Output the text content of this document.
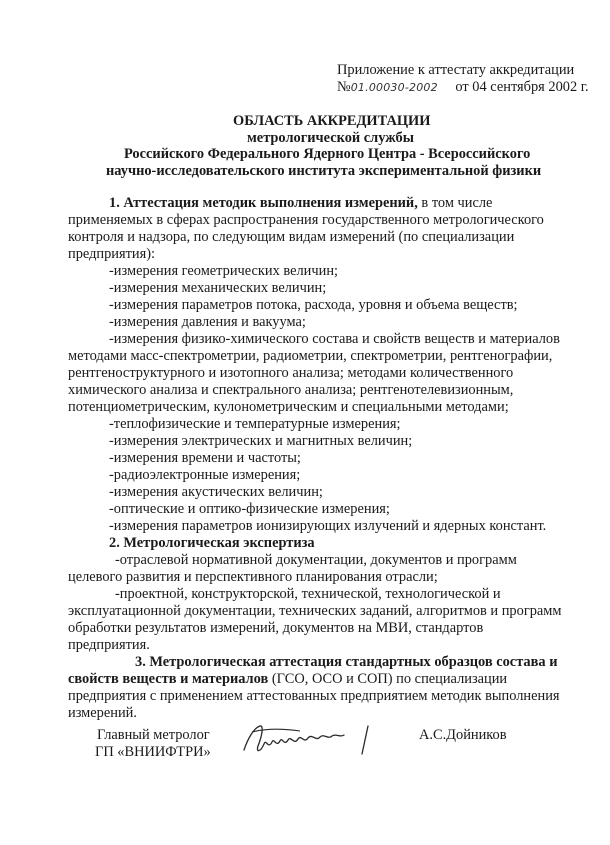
Приложение к аттестату аккредитации
№01.00030-2002 от 04 сентября 2002 г.
ОБЛАСТЬ АККРЕДИТАЦИИ
метрологической службы
Российского Федерального Ядерного Центра - Всероссийского
научно-исследовательского института экспериментальной физики
1. Аттестация методик выполнения измерений, в том числе
применяемых в сферах распространения государственного метрологического
контроля и надзора, по следующим видам измерений (по специализации
предприятия):
-измерения геометрических величин;
-измерения механических величин;
-измерения параметров потока, расхода, уровня и объема веществ;
-измерения давления и вакуума;
-измерения физико-химического состава и свойств веществ и материалов
методами масс-спектрометрии, радиометрии, спектрометрии, рентгенографии,
рентгеноструктурного и изотопного анализа; методами количественного
химического анализа и спектрального анализа; рентгенотелевизионным,
потенциометрическим, кулонометрическим и специальными методами;
-теплофизические и температурные измерения;
-измерения электрических и магнитных величин;
-измерения времени и частоты;
-радиоэлектронные измерения;
-измерения акустических величин;
-оптические и оптико-физические измерения;
-измерения параметров ионизирующих излучений и ядерных констант.
2. Метрологическая экспертиза
-отраслевой нормативной документации, документов и программ
целевого развития и перспективного планирования отрасли;
-проектной, конструкторской, технической, технологической и
эксплуатационной документации, технических заданий, алгоритмов и программ
обработки результатов измерений, документов на МВИ, стандартов
предприятия.
3. Метрологическая аттестация стандартных образцов состава и
свойств веществ и материалов (ГСО, ОСО и СОП) по специализации
предприятия с применением аттестованных предприятием методик выполнения
измерений.
Главный метролог
ГП «ВНИИФТРИ»
А.С.Дойников
